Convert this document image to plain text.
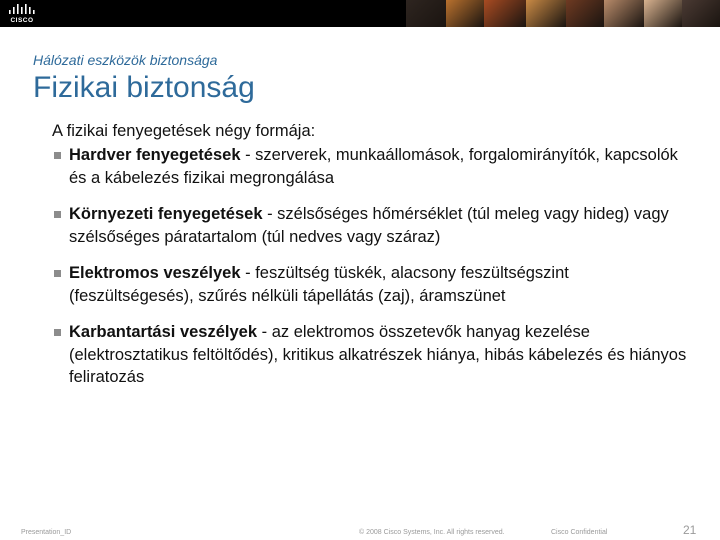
CISCO
Hálózati eszközök biztonsága
Fizikai biztonság

A fizikai fenyegetések négy formája:

Hardver fenyegetések - szerverek, munkaállomások, forgalomirányítók, kapcsolók és a kábelezés fizikai megrongálása
Környezeti fenyegetések - szélsőséges hőmérséklet (túl meleg vagy hideg) vagy szélsőséges páratartalom (túl nedves vagy száraz)
Elektromos veszélyek - feszültség tüskék, alacsony feszültségszint (feszültségesés), szűrés nélküli tápellátás (zaj), áramszünet
Karbantartási veszélyek - az elektromos összetevők hanyag kezelése (elektrosztatikus feltöltődés), kritikus alkatrészek hiánya, hibás kábelezés és hiányos feliratozás
Presentation_ID	© 2008 Cisco Systems, Inc. All rights reserved.	Cisco Confidential	21
